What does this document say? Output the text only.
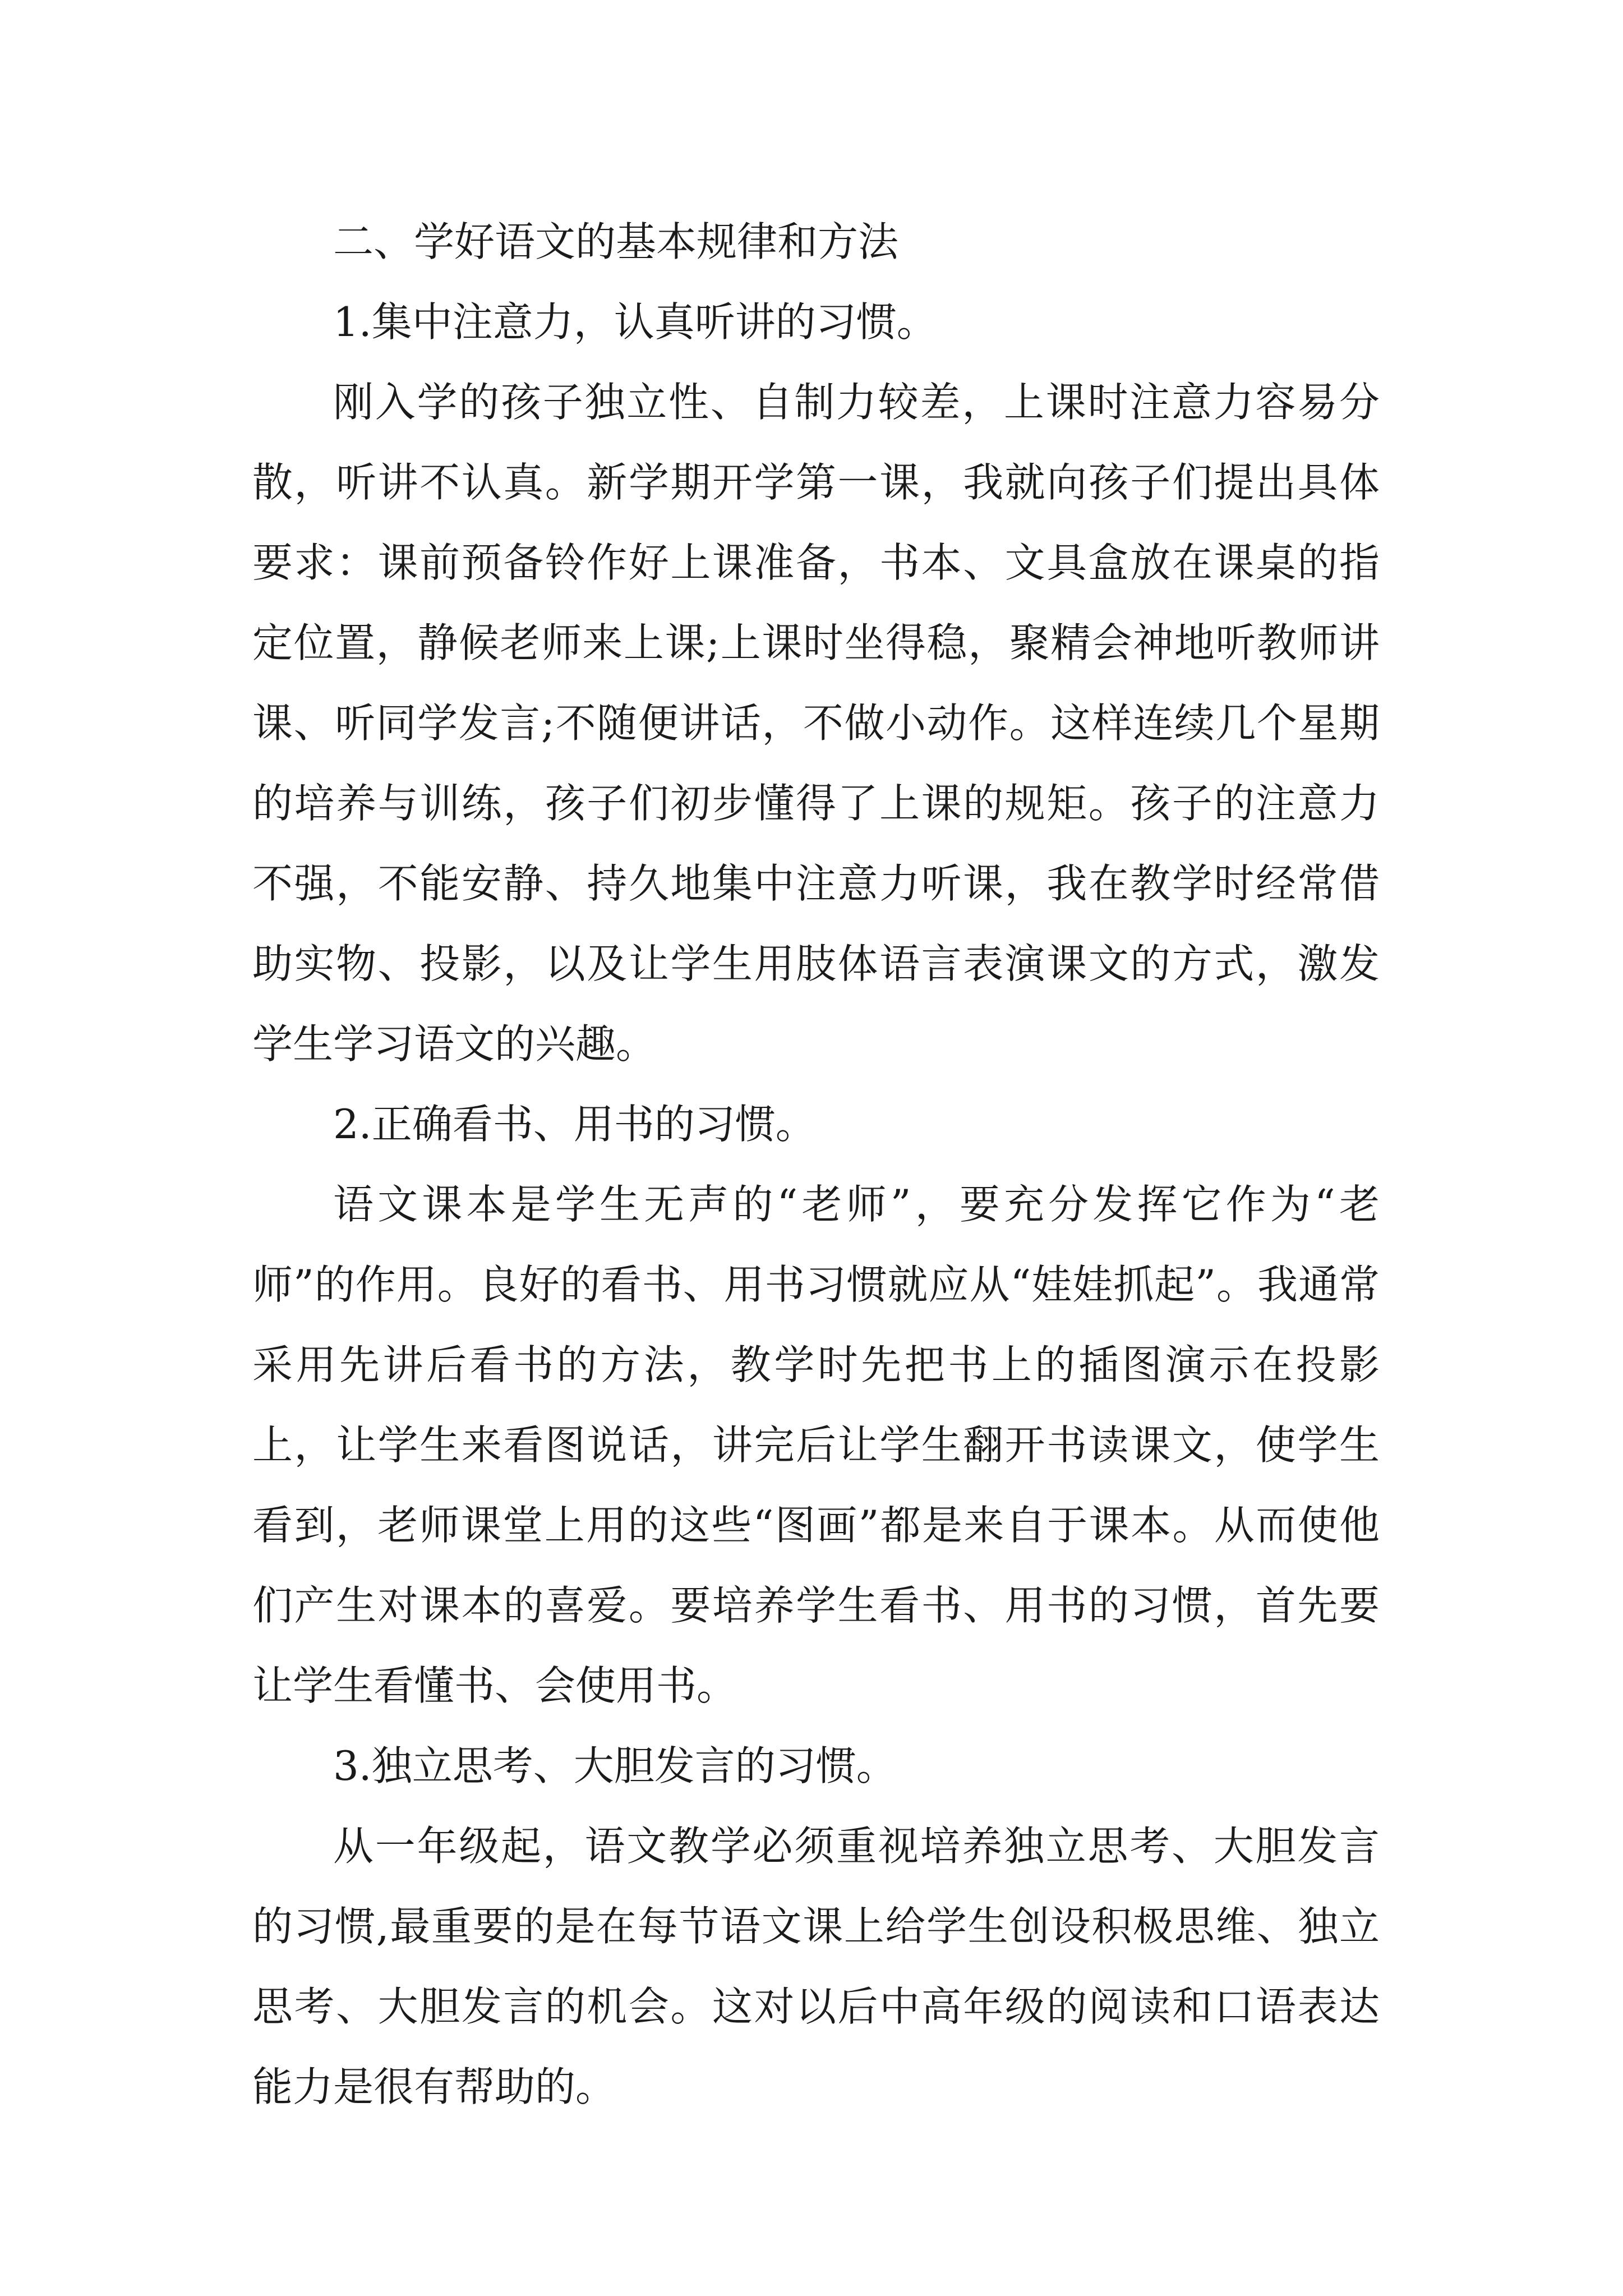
二、学好语文的基本规律和方法

1.集中注意力，认真听讲的习惯。

刚入学的孩子独立性、自制力较差，上课时注意力容易分散，听讲不认真。新学期开学第一课，我就向孩子们提出具体要求：课前预备铃作好上课准备，书本、文具盒放在课桌的指定位置，静候老师来上课;上课时坐得稳，聚精会神地听教师讲课、听同学发言;不随便讲话，不做小动作。这样连续几个星期的培养与训练，孩子们初步懂得了上课的规矩。孩子的注意力不强，不能安静、持久地集中注意力听课，我在教学时经常借助实物、投影，以及让学生用肢体语言表演课文的方式，激发学生学习语文的兴趣。

2.正确看书、用书的习惯。

语文课本是学生无声的“老师”，要充分发挥它作为“老师”的作用。良好的看书、用书习惯就应从“娃娃抓起”。我通常采用先讲后看书的方法，教学时先把书上的插图演示在投影上，让学生来看图说话，讲完后让学生翻开书读课文，使学生看到，老师课堂上用的这些“图画”都是来自于课本。从而使他们产生对课本的喜爱。要培养学生看书、用书的习惯，首先要让学生看懂书、会使用书。

3.独立思考、大胆发言的习惯。

从一年级起，语文教学必须重视培养独立思考、大胆发言的习惯,最重要的是在每节语文课上给学生创设积极思维、独立思考、大胆发言的机会。这对以后中高年级的阅读和口语表达能力是很有帮助的。
